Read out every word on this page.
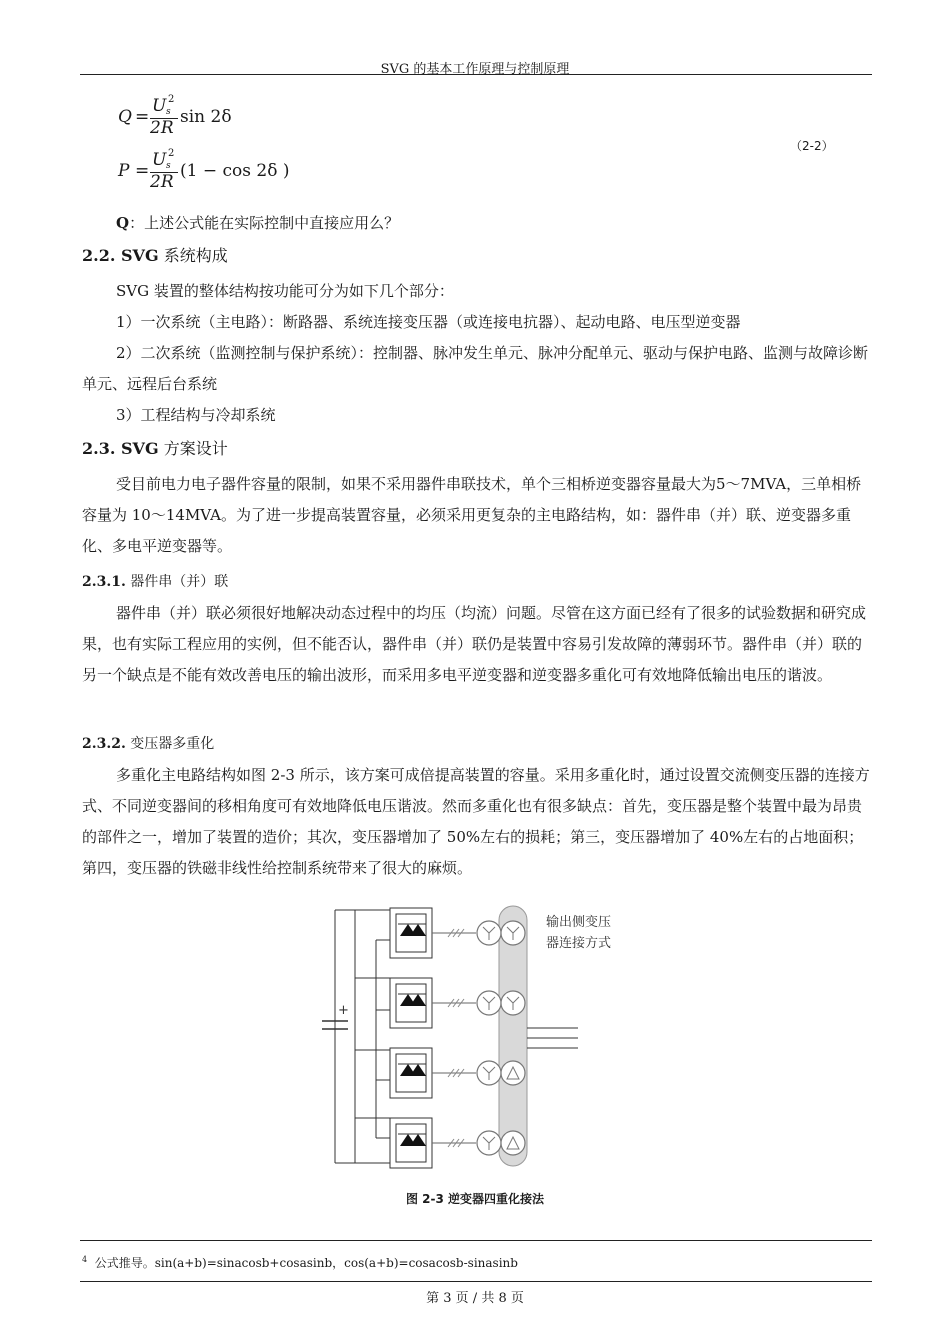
SVG 的基本工作原理与控制原理
Q =
U 2
s
2R
sin 2δ
P =
U 2
s
2R
(1 − cos 2δ )
（2-2）

Q：上述公式能在实际控制中直接应用么？

2.2. SVG 系统构成

SVG 装置的整体结构按功能可分为如下几个部分：

1）一次系统（主电路）：断路器、系统连接变压器（或连接电抗器）、起动电路、电压型逆变器

2）二次系统（监测控制与保护系统）：控制器、脉冲发生单元、脉冲分配单元、驱动与保护电路、监测与故障诊断单元、远程后台系统

3）工程结构与冷却系统

2.3. SVG 方案设计

受目前电力电子器件容量的限制，如果不采用器件串联技术，单个三相桥逆变器容量最大为5～7MVA，三单相桥容量为 10～14MVA。为了进一步提高装置容量，必须采用更复杂的主电路结构，如：器件串（并）联、逆变器多重化、多电平逆变器等。

2.3.1. 器件串（并）联

器件串（并）联必须很好地解决动态过程中的均压（均流）问题。尽管在这方面已经有了很多的试验数据和研究成果，也有实际工程应用的实例，但不能否认，器件串（并）联仍是装置中容易引发故障的薄弱环节。器件串（并）联的另一个缺点是不能有效改善电压的输出波形，而采用多电平逆变器和逆变器多重化可有效地降低输出电压的谐波。

2.3.2. 变压器多重化

多重化主电路结构如图 2-3 所示，该方案可成倍提高装置的容量。采用多重化时，通过设置交流侧变压器的连接方式、不同逆变器间的移相角度可有效地降低电压谐波。然而多重化也有很多缺点：首先，变压器是整个装置中最为昂贵的部件之一，增加了装置的造价；其次，变压器增加了 50%左右的损耗；第三，变压器增加了 40%左右的占地面积；第四，变压器的铁磁非线性给控制系统带来了很大的麻烦。

+
输出侧变压
器连接方式
图 2-3 逆变器四重化接法
$^4$ 公式推导。sin(a+b)=sinacosb+cosasinb，cos(a+b)=cosacosb-sinasinb
第 3 页 / 共 8 页
